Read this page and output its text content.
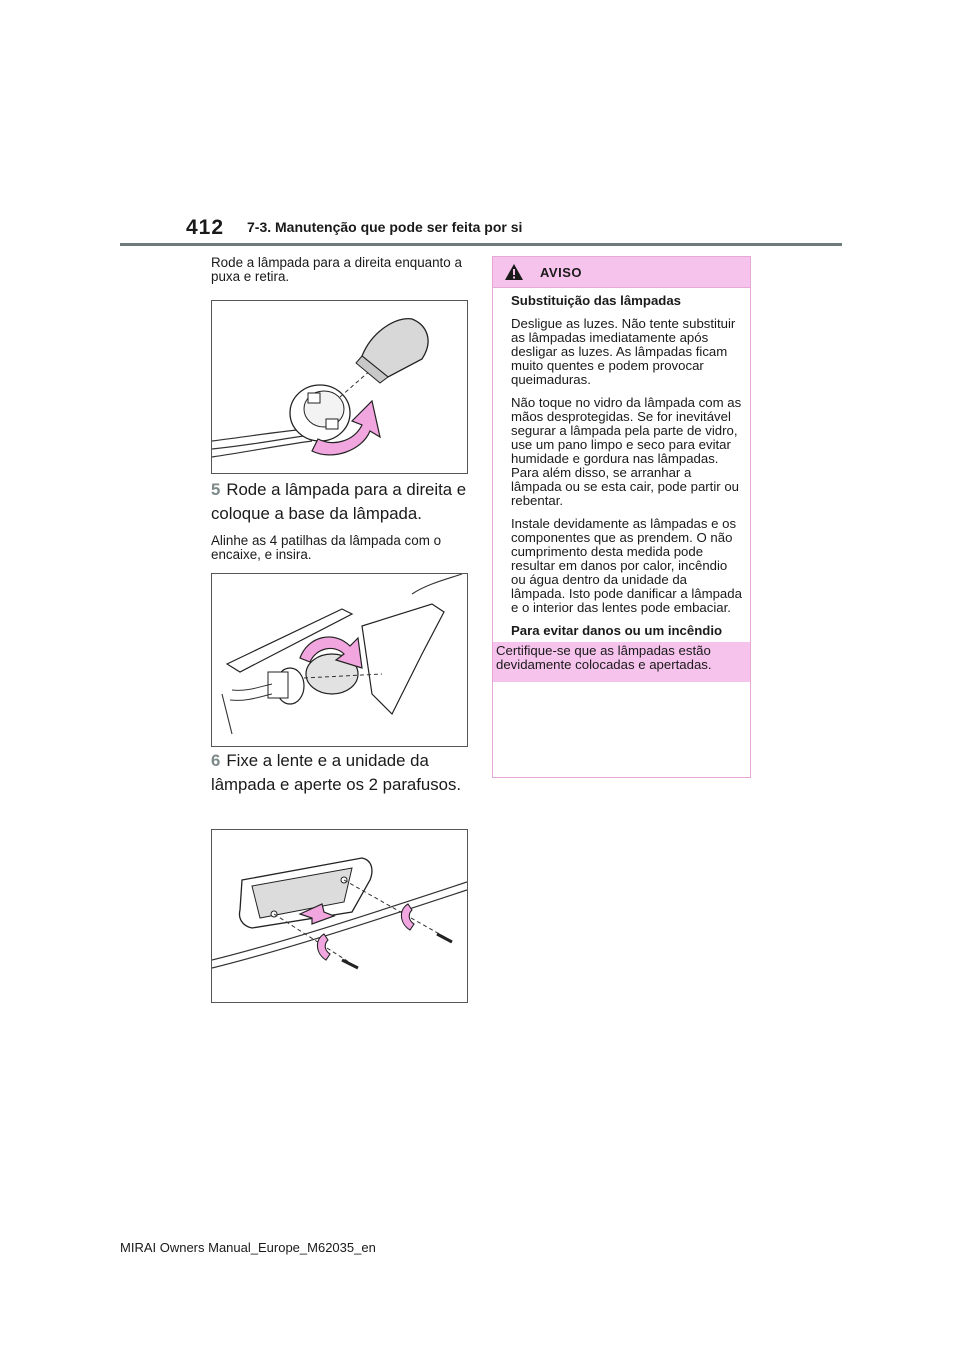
412 7-3. Manutenção que pode ser feita por si
Rode a lâmpada para a direita enquanto a puxa e retira.
5 Rode a lâmpada para a direita e coloque a base da lâmpada.
Alinhe as 4 patilhas da lâmpada com o encaixe, e insira.
6 Fixe a lente e a unidade da lâmpada e aperte os 2 parafusos.
AVISO

Substituição das lâmpadas

Desligue as luzes. Não tente substituir as lâmpadas imediatamente após desligar as luzes. As lâmpadas ficam muito quentes e podem provocar queimaduras.

Não toque no vidro da lâmpada com as mãos desprotegidas. Se for inevitável segurar a lâmpada pela parte de vidro, use um pano limpo e seco para evitar humidade e gordura nas lâmpadas. Para além disso, se arranhar a lâmpada ou se esta cair, pode partir ou rebentar.

Instale devidamente as lâmpadas e os componentes que as prendem. O não cumprimento desta medida pode resultar em danos por calor, incêndio ou água dentro da unidade da lâmpada. Isto pode danificar a lâmpada e o interior das lentes pode embaciar.

Para evitar danos ou um incêndio

Certifique-se que as lâmpadas estão devidamente colocadas e apertadas.

MIRAI Owners Manual_Europe_M62035_en
